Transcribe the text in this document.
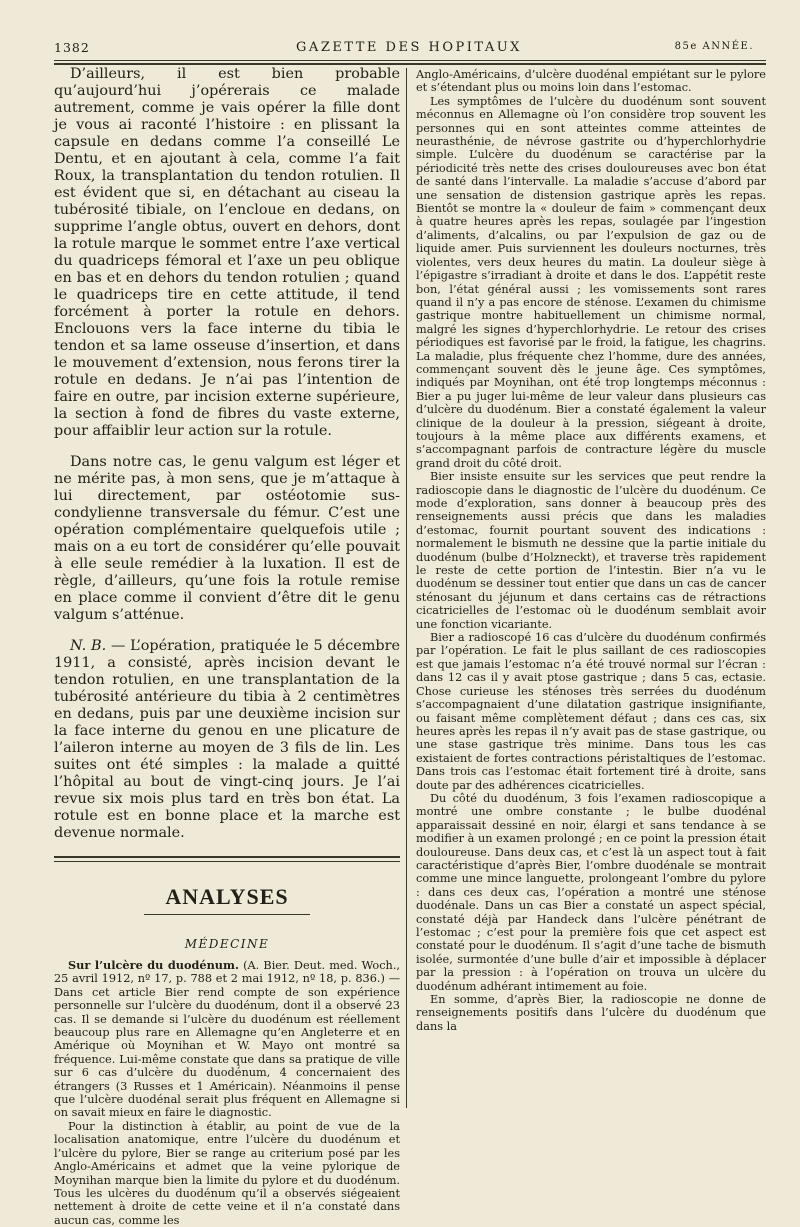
1382	GAZETTE DES HOPITAUX	85e ANNÉE.

D’ailleurs, il est bien probable qu’aujourd’hui j’opérerais ce malade autrement, comme je vais opérer la fille dont je vous ai raconté l’histoire : en plissant la capsule en dedans comme l’a conseillé Le Dentu, et en ajoutant à cela, comme l’a fait Roux, la transplantation du tendon rotulien. Il est évident que si, en détachant au ciseau la tubérosité tibiale, on l’encloue en dedans, on supprime l’angle obtus, ouvert en dehors, dont la rotule marque le sommet entre l’axe vertical du quadriceps fémoral et l’axe un peu oblique en bas et en dehors du tendon rotulien ; quand le quadriceps tire en cette attitude, il tend forcément à porter la rotule en dehors. Enclouons vers la face interne du tibia le tendon et sa lame osseuse d’insertion, et dans le mouvement d’extension, nous ferons tirer la rotule en dedans. Je n’ai pas l’intention de faire en outre, par incision externe supérieure, la section à fond de fibres du vaste externe, pour affaiblir leur action sur la rotule.

Dans notre cas, le genu valgum est léger et ne mérite pas, à mon sens, que je m’attaque à lui directement, par ostéotomie sus-condylienne transversale du fémur. C’est une opération complémentaire quelquefois utile ; mais on a eu tort de considérer qu’elle pouvait à elle seule remédier à la luxation. Il est de règle, d’ailleurs, qu’une fois la rotule remise en place comme il convient d’être dit le genu valgum s’atténue.

N. B. — L’opération, pratiquée le 5 décembre 1911, a consisté, après incision devant le tendon rotulien, en une transplantation de la tubérosité antérieure du tibia à 2 centimètres en dedans, puis par une deuxième incision sur la face interne du genou en une plicature de l’aileron interne au moyen de 3 fils de lin. Les suites ont été simples : la malade a quitté l’hôpital au bout de vingt-cinq jours. Je l’ai revue six mois plus tard en très bon état. La rotule est en bonne place et la marche est devenue normale.

ANALYSES
MÉDECINE

Sur l’ulcère du duodénum. (A. Bier. Deut. med. Woch., 25 avril 1912, nº 17, p. 788 et 2 mai 1912, nº 18, p. 836.) — Dans cet article Bier rend compte de son expérience personnelle sur l’ulcère du duodénum, dont il a observé 23 cas. Il se demande si l’ulcère du duodénum est réellement beaucoup plus rare en Allemagne qu’en Angleterre et en Amérique où Moynihan et W. Mayo ont montré sa fréquence. Lui-même constate que dans sa pratique de ville sur 6 cas d’ulcère du duodénum, 4 concernaient des étrangers (3 Russes et 1 Américain). Néanmoins il pense que l’ulcère duodénal serait plus fréquent en Allemagne si on savait mieux en faire le diagnostic.

Pour la distinction à établir, au point de vue de la localisation anatomique, entre l’ulcère du duodénum et l’ulcère du pylore, Bier se range au criterium posé par les Anglo-Américains et admet que la veine pylorique de Moynihan marque bien la limite du pylore et du duodénum. Tous les ulcères du duodénum qu’il a observés siégeaient nettement à droite de cette veine et il n’a constaté dans aucun cas, comme les

Anglo-Américains, d’ulcère duodénal empiétant sur le pylore et s’étendant plus ou moins loin dans l’estomac.

Les symptômes de l’ulcère du duodénum sont souvent méconnus en Allemagne où l’on considère trop souvent les personnes qui en sont atteintes comme atteintes de neurasthénie, de névrose gastrite ou d’hyperchlorhydrie simple. L’ulcère du duodénum se caractérise par la périodicité très nette des crises douloureuses avec bon état de santé dans l’intervalle. La maladie s’accuse d’abord par une sensation de distension gastrique après les repas. Bientôt se montre la « douleur de faim » commençant deux à quatre heures après les repas, soulagée par l’ingestion d’aliments, d’alcalins, ou par l’expulsion de gaz ou de liquide amer. Puis surviennent les douleurs nocturnes, très violentes, vers deux heures du matin. La douleur siège à l’épigastre s’irradiant à droite et dans le dos. L’appétit reste bon, l’état général aussi ; les vomissements sont rares quand il n’y a pas encore de sténose. L’examen du chimisme gastrique montre habituellement un chimisme normal, malgré les signes d’hyperchlorhydrie. Le retour des crises périodiques est favorisé par le froid, la fatigue, les chagrins. La maladie, plus fréquente chez l’homme, dure des années, commençant souvent dès le jeune âge. Ces symptômes, indiqués par Moynihan, ont été trop longtemps méconnus : Bier a pu juger lui-même de leur valeur dans plusieurs cas d’ulcère du duodénum. Bier a constaté également la valeur clinique de la douleur à la pression, siégeant à droite, toujours à la même place aux différents examens, et s’accompagnant parfois de contracture légère du muscle grand droit du côté droit.

Bier insiste ensuite sur les services que peut rendre la radioscopie dans le diagnostic de l’ulcère du duodénum. Ce mode d’exploration, sans donner à beaucoup près des renseignements aussi précis que dans les maladies d’estomac, fournit pourtant souvent des indications : normalement le bismuth ne dessine que la partie initiale du duodénum (bulbe d’Holzneckt), et traverse très rapidement le reste de cette portion de l’intestin. Bier n’a vu le duodénum se dessiner tout entier que dans un cas de cancer sténosant du jéjunum et dans certains cas de rétractions cicatricielles de l’estomac où le duodénum semblait avoir une fonction vicariante.

Bier a radioscopé 16 cas d’ulcère du duodénum confirmés par l’opération. Le fait le plus saillant de ces radioscopies est que jamais l’estomac n’a été trouvé normal sur l’écran : dans 12 cas il y avait ptose gastrique ; dans 5 cas, ectasie. Chose curieuse les sténoses très serrées du duodénum s’accompagnaient d’une dilatation gastrique insignifiante, ou faisant même complètement défaut ; dans ces cas, six heures après les repas il n’y avait pas de stase gastrique, ou une stase gastrique très minime. Dans tous les cas existaient de fortes contractions péristaltiques de l’estomac. Dans trois cas l’estomac était fortement tiré à droite, sans doute par des adhérences cicatricielles.

Du côté du duodénum, 3 fois l’examen radioscopique a montré une ombre constante ; le bulbe duodénal apparaissait dessiné en noir, élargi et sans tendance à se modifier à un examen prolongé ; en ce point la pression était douloureuse. Dans deux cas, et c’est là un aspect tout à fait caractéristique d’après Bier, l’ombre duodénale se montrait comme une mince languette, prolongeant l’ombre du pylore : dans ces deux cas, l’opération a montré une sténose duodénale. Dans un cas Bier a constaté un aspect spécial, constaté déjà par Handeck dans l’ulcère pénétrant de l’estomac ; c’est pour la première fois que cet aspect est constaté pour le duodénum. Il s’agit d’une tache de bismuth isolée, surmontée d’une bulle d’air et impossible à déplacer par la pression : à l’opération on trouva un ulcère du duodénum adhérant intimement au foie.

En somme, d’après Bier, la radioscopie ne donne de renseignements positifs dans l’ulcère du duodénum que dans la
